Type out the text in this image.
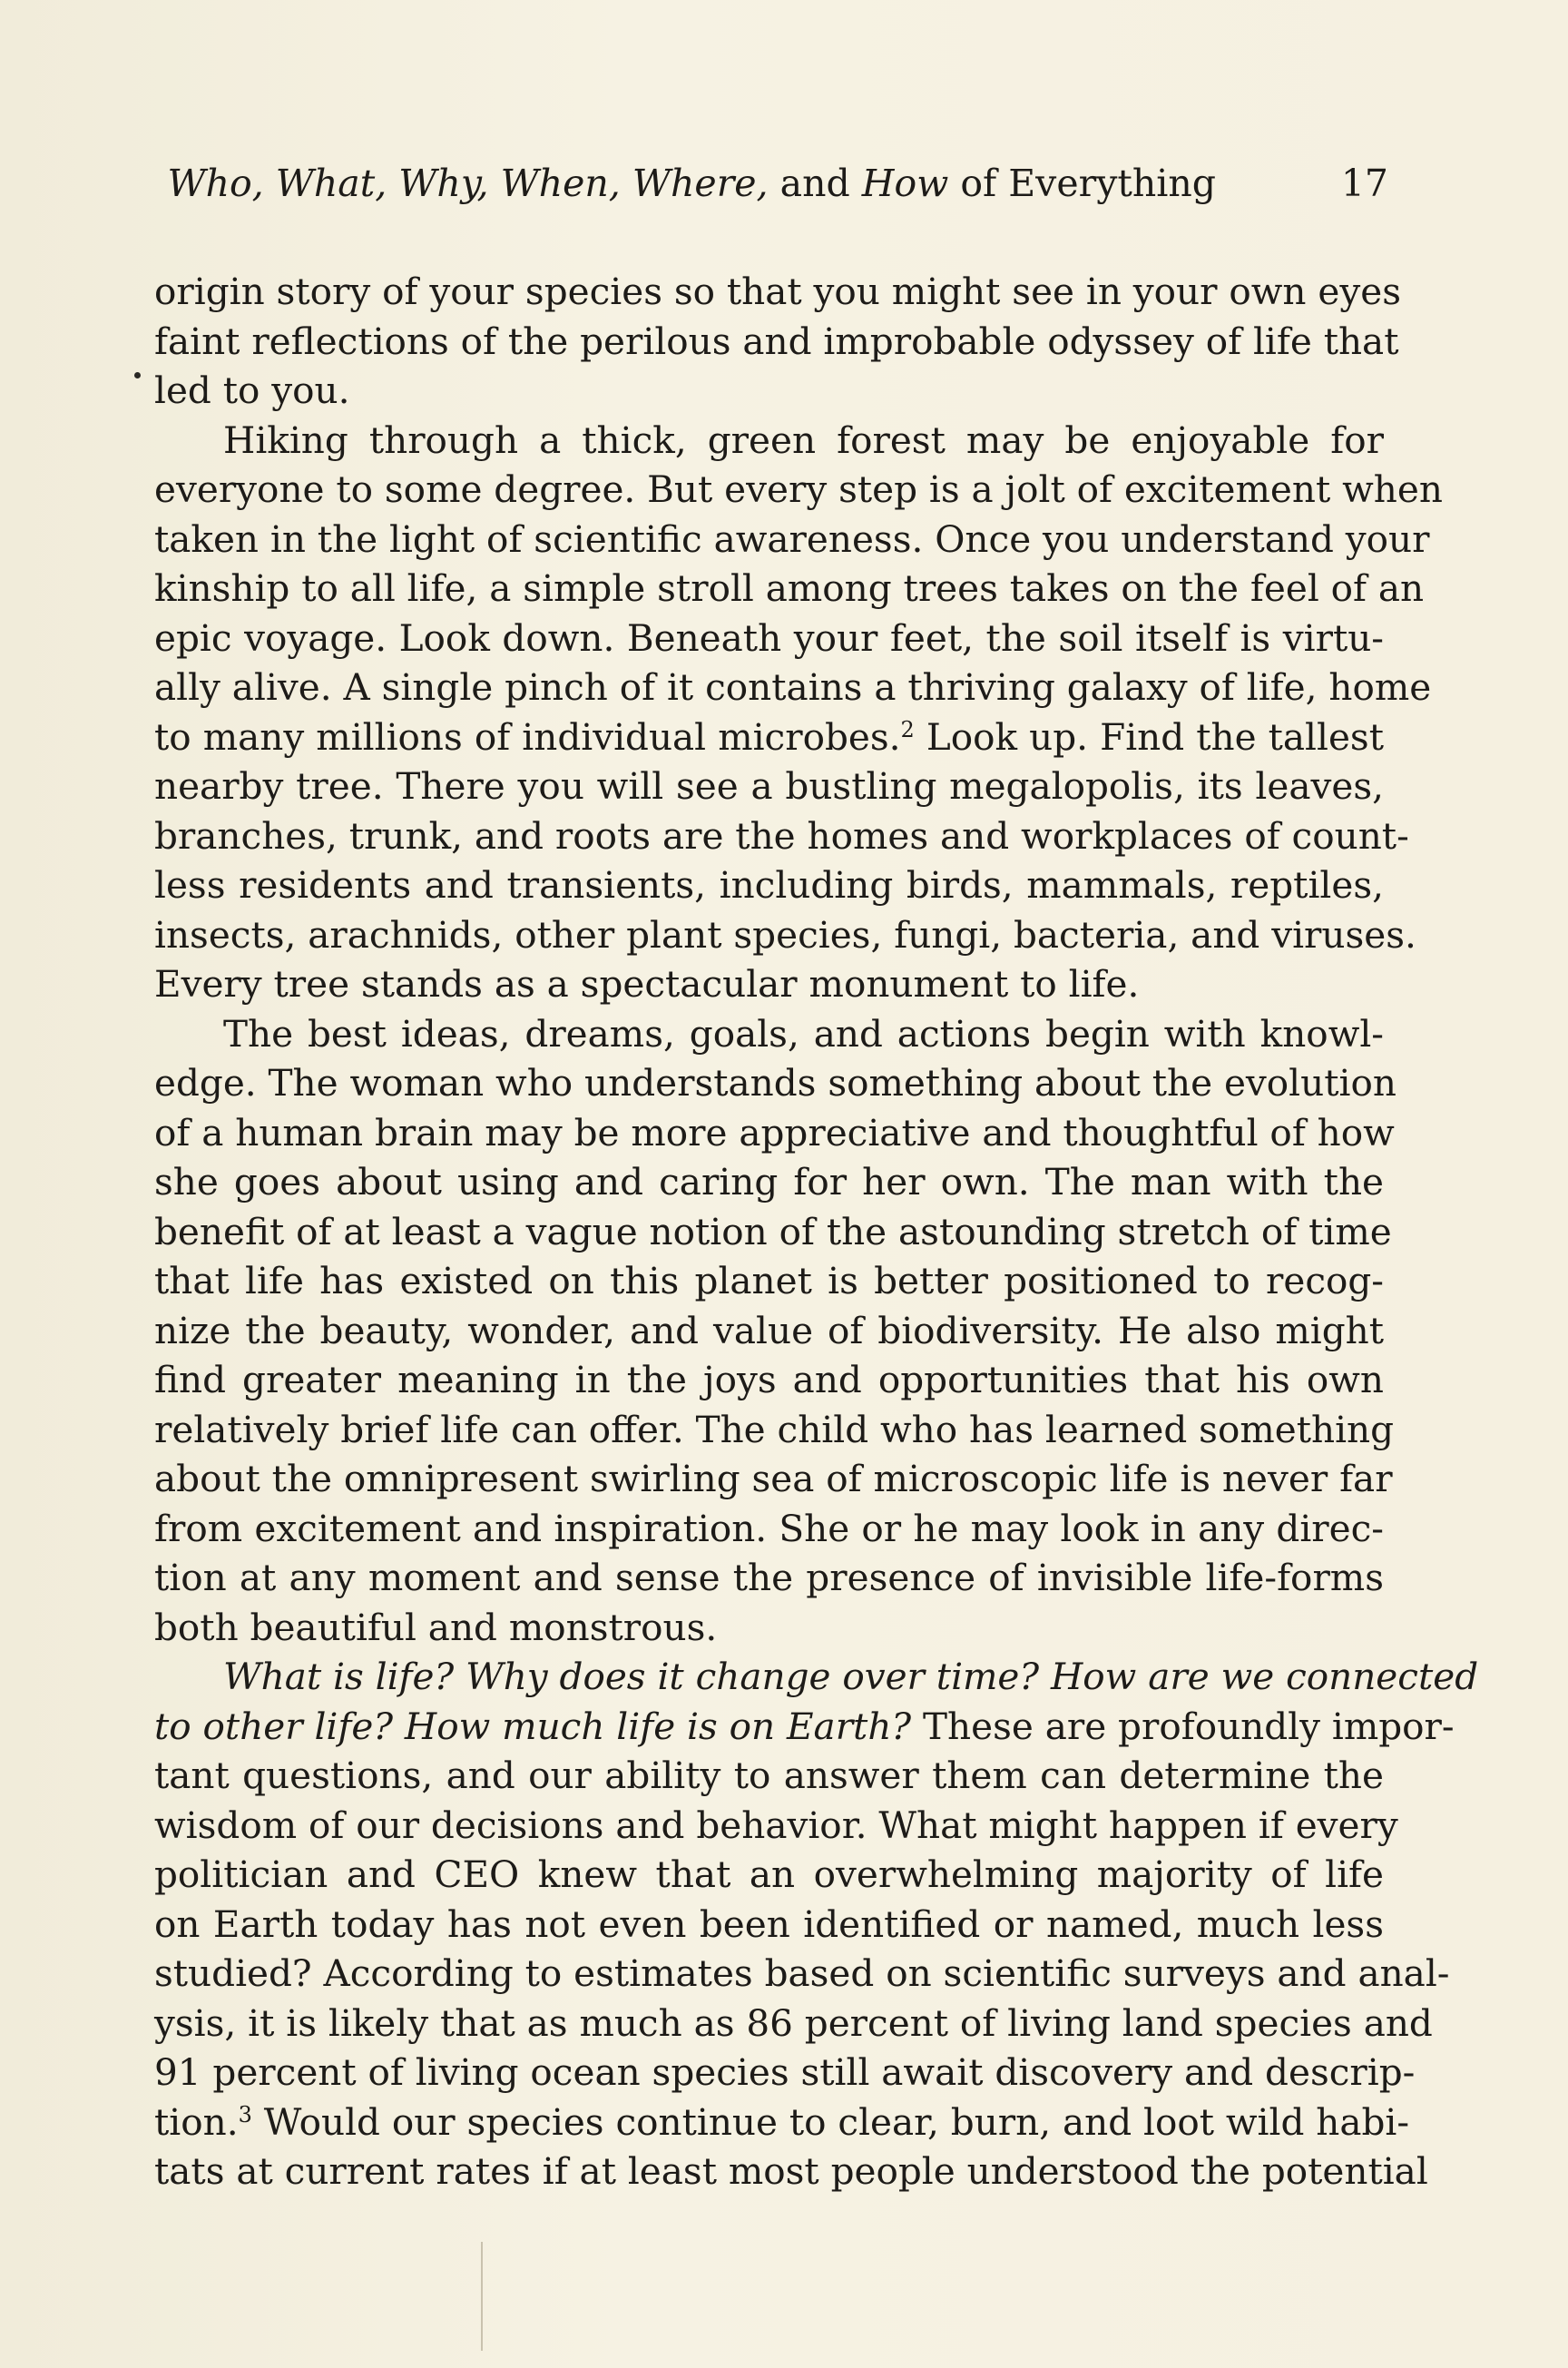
Who, What, Why, When, Where, and How of Everything	17
origin story of your species so that you might see in your own eyes
faint reflections of the perilous and improbable odyssey of life that
led to you.
Hiking through a thick, green forest may be enjoyable for
everyone to some degree. But every step is a jolt of excitement when
taken in the light of scientific awareness. Once you understand your
kinship to all life, a simple stroll among trees takes on the feel of an
epic voyage. Look down. Beneath your feet, the soil itself is virtu-
ally alive. A single pinch of it contains a thriving galaxy of life, home
to many millions of individual microbes.$^2$ Look up. Find the tallest
nearby tree. There you will see a bustling megalopolis, its leaves,
branches, trunk, and roots are the homes and workplaces of count-
less residents and transients, including birds, mammals, reptiles,
insects, arachnids, other plant species, fungi, bacteria, and viruses.
Every tree stands as a spectacular monument to life.
The best ideas, dreams, goals, and actions begin with knowl-
edge. The woman who understands something about the evolution
of a human brain may be more appreciative and thoughtful of how
she goes about using and caring for her own. The man with the
benefit of at least a vague notion of the astounding stretch of time
that life has existed on this planet is better positioned to recog-
nize the beauty, wonder, and value of biodiversity. He also might
find greater meaning in the joys and opportunities that his own
relatively brief life can offer. The child who has learned something
about the omnipresent swirling sea of microscopic life is never far
from excitement and inspiration. She or he may look in any direc-
tion at any moment and sense the presence of invisible life-forms
both beautiful and monstrous.
What is life? Why does it change over time? How are we connected
to other life? How much life is on Earth? These are profoundly impor-
tant questions, and our ability to answer them can determine the
wisdom of our decisions and behavior. What might happen if every
politician and CEO knew that an overwhelming majority of life
on Earth today has not even been identified or named, much less
studied? According to estimates based on scientific surveys and anal-
ysis, it is likely that as much as 86 percent of living land species and
91 percent of living ocean species still await discovery and descrip-
tion.$^3$ Would our species continue to clear, burn, and loot wild habi-
tats at current rates if at least most people understood the potential
